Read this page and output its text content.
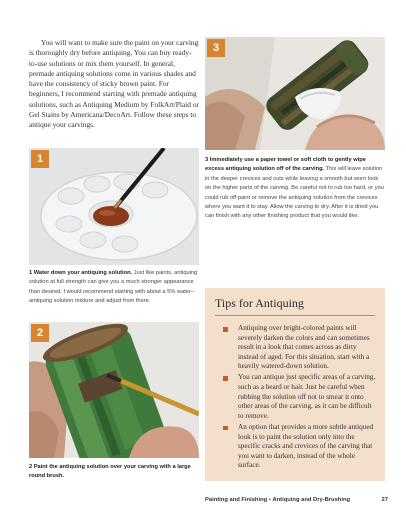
You will want to make sure the paint on your carving is thoroughly dry before antiquing. You can buy ready-to-use solutions or mix them yourself. In general, premade antiquing solutions come in various shades and have the consistency of sticky brown paint. For beginners, I recommend starting with premade antiquing solutions, such as Antiquing Medium by FolkArt/Plaid or Gel Stains by Americana/DecoArt. Follow these steps to antique your carvings.

3
1	3 Immediately use a paper towel or soft cloth to gently wipe excess antiquing solution off of the carving. This will leave solution in the deeper crevices and cuts while leaving a smooth but worn look on the higher parts of the carving. Be careful not to rub too hard, or you could rub off paint or remove the antiquing solution from the crevices where you want it to stay. Allow the carving to dry. After it is dried you can finish with any other finishing product that you would like.
1 Water down your antiquing solution. Just like paints, antiquing solution at full strength can give you a much stronger appearance than desired. I would recommend starting with about a 5% water–antiquing solution mixture and adjust from there.
2
2 Paint the antiquing solution over your carving with a large round brush.
Tips for Antiquing
Antiquing over bright-colored paints will severely darken the colors and can sometimes result in a look that comes across as dirty instead of aged. For this situation, start with a heavily watered-down solution.
You can antique just specific areas of a carving, such as a beard or hair. Just be careful when rubbing the solution off not to smear it onto other areas of the carving, as it can be difficult to remove.
An option that provides a more subtle antiqued look is to paint the solution only into the specific cracks and crevices of the carving that you want to darken, instead of the whole surface.
Painting and Finishing • Antiquing and Dry-Brushing	27
